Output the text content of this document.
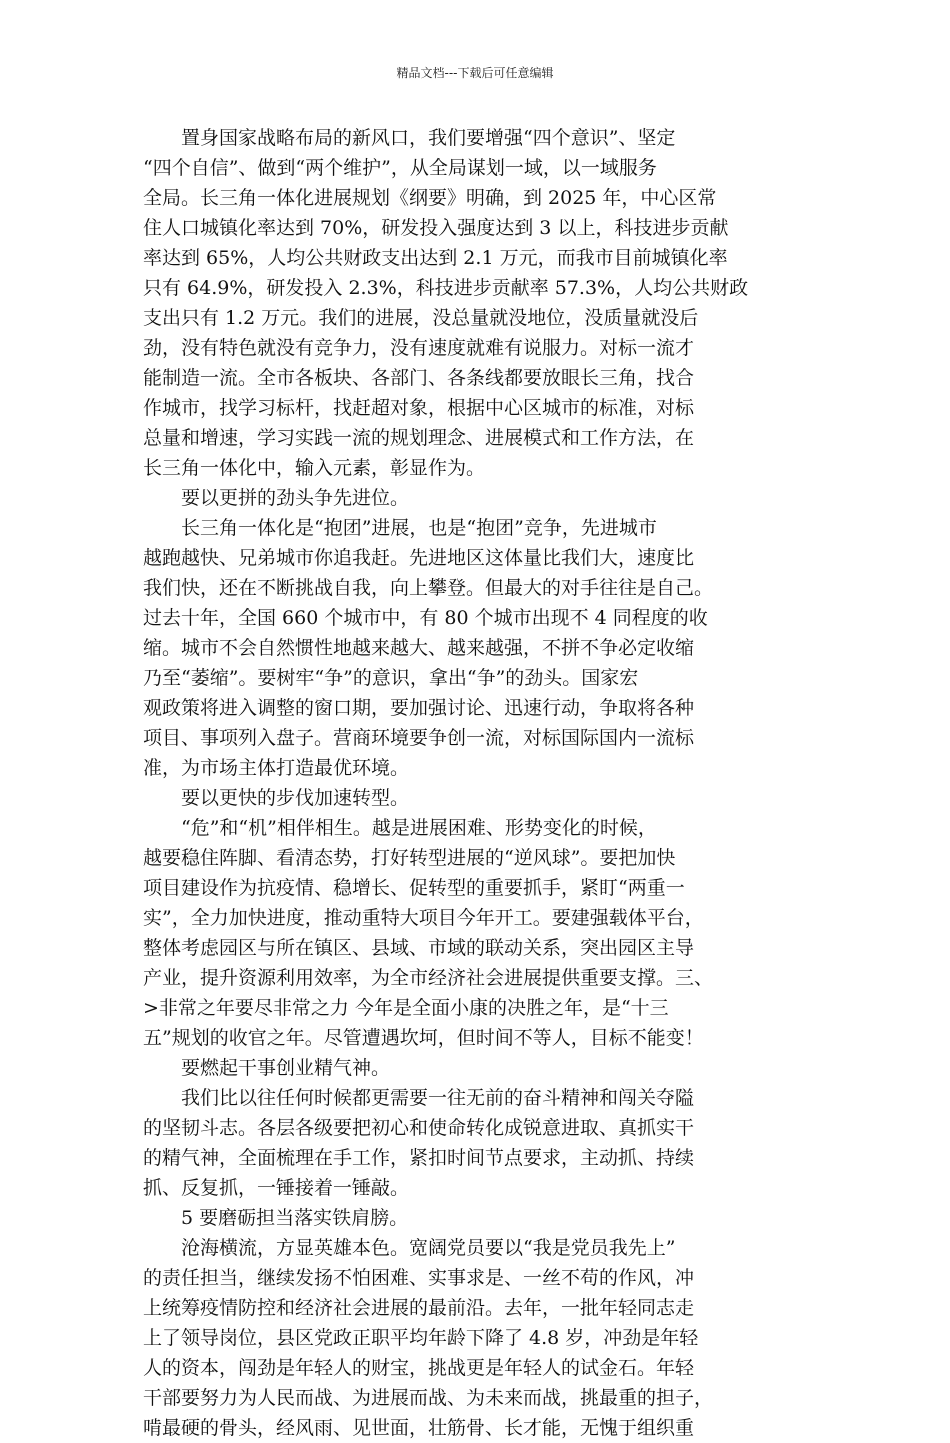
精品文档---下载后可任意编辑
　　置身国家战略布局的新风口，我们要增强“四个意识”、坚定
“四个自信”、做到“两个维护”，从全局谋划一域，以一域服务
全局。长三角一体化进展规划《纲要》明确，到 2025 年，中心区常
住人口城镇化率达到 70%，研发投入强度达到 3 以上，科技进步贡献
率达到 65%，人均公共财政支出达到 2.1 万元，而我市目前城镇化率
只有 64.9%，研发投入 2.3%，科技进步贡献率 57.3%，人均公共财政
支出只有 1.2 万元。我们的进展，没总量就没地位，没质量就没后
劲，没有特色就没有竞争力，没有速度就难有说服力。对标一流才
能制造一流。全市各板块、各部门、各条线都要放眼长三角，找合
作城市，找学习标杆，找赶超对象，根据中心区城市的标准，对标
总量和增速，学习实践一流的规划理念、进展模式和工作方法，在
长三角一体化中，输入元素，彰显作为。
　　要以更拼的劲头争先进位。
　　长三角一体化是“抱团”进展，也是“抱团”竞争，先进城市
越跑越快、兄弟城市你追我赶。先进地区这体量比我们大，速度比
我们快，还在不断挑战自我，向上攀登。但最大的对手往往是自己。
过去十年，全国 660 个城市中，有 80 个城市出现不 4 同程度的收
缩。城市不会自然惯性地越来越大、越来越强，不拼不争必定收缩
乃至“萎缩”。要树牢“争”的意识，拿出“争”的劲头。国家宏
观政策将进入调整的窗口期，要加强讨论、迅速行动，争取将各种
项目、事项列入盘子。营商环境要争创一流，对标国际国内一流标
准，为市场主体打造最优环境。
　　要以更快的步伐加速转型。
　　“危”和“机”相伴相生。越是进展困难、形势变化的时候，
越要稳住阵脚、看清态势，打好转型进展的“逆风球”。要把加快
项目建设作为抗疫情、稳增长、促转型的重要抓手，紧盯“两重一
实”，全力加快进度，推动重特大项目今年开工。要建强载体平台，
整体考虑园区与所在镇区、县域、市域的联动关系，突出园区主导
产业，提升资源利用效率，为全市经济社会进展提供重要支撑。三、
>非常之年要尽非常之力 今年是全面小康的决胜之年，是“十三
五”规划的收官之年。尽管遭遇坎坷，但时间不等人，目标不能变！
　　要燃起干事创业精气神。
　　我们比以往任何时候都更需要一往无前的奋斗精神和闯关夺隘
的坚韧斗志。各层各级要把初心和使命转化成锐意进取、真抓实干
的精气神，全面梳理在手工作，紧扣时间节点要求，主动抓、持续
抓、反复抓，一锤接着一锤敲。
　　5 要磨砺担当落实铁肩膀。
　　沧海横流，方显英雄本色。宽阔党员要以“我是党员我先上”
的责任担当，继续发扬不怕困难、实事求是、一丝不苟的作风，冲
上统筹疫情防控和经济社会进展的最前沿。去年，一批年轻同志走
上了领导岗位，县区党政正职平均年龄下降了 4.8 岁，冲劲是年轻
人的资本，闯劲是年轻人的财宝，挑战更是年轻人的试金石。年轻
干部要努力为人民而战、为进展而战、为未来而战，挑最重的担子，
啃最硬的骨头，经风雨、见世面，壮筋骨、长才能，无愧于组织重
